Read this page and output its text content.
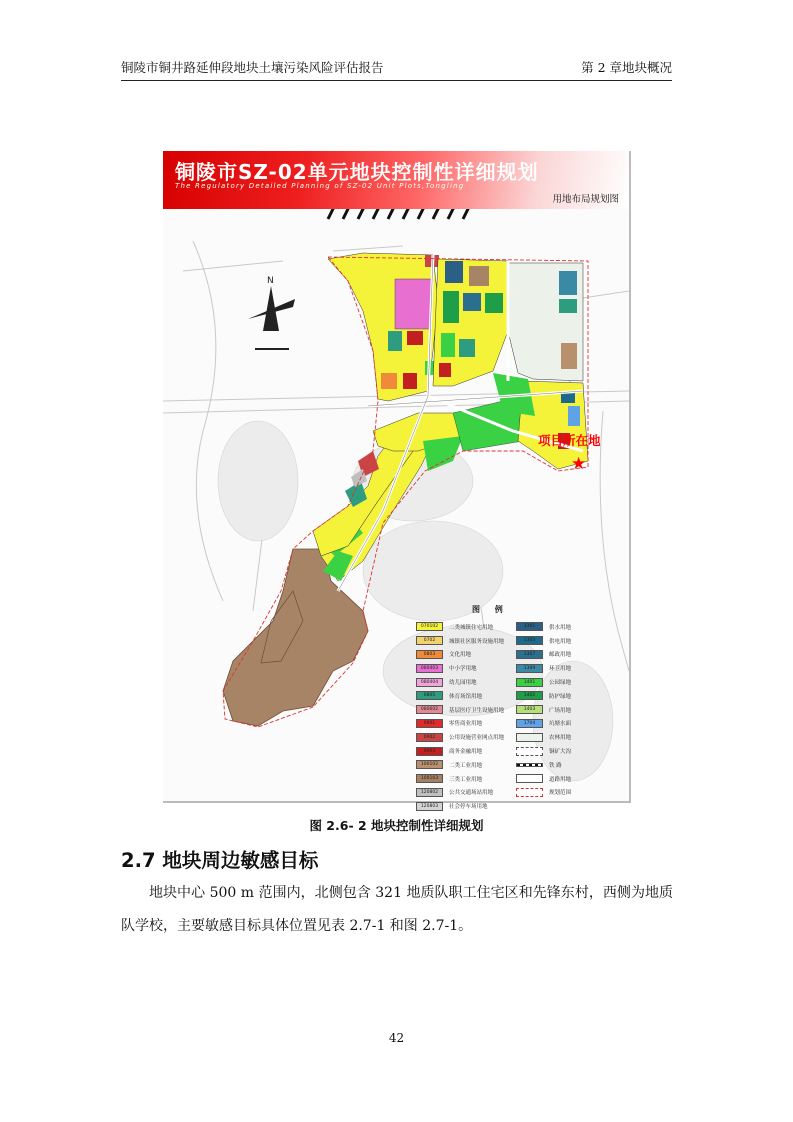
铜陵市铜井路延伸段地块土壤污染风险评估报告	第 2 章地块概况
铜陵市SZ-02单元地块控制性详细规划
The Regulatory Detailed Planning of SZ-02 Unit Plots,Tongling
用地布局规划图
N
项目所在地
★
图 例
070102	二类城镇住宅用地
0702	城镇社区服务设施用地
0803	文化用地
080403	中小学用地
080404	幼儿园用地
0805	体育场馆用地
080602	基层医疗卫生设施用地
0901	零售商业用地
0902	公用设施营业网点用地
0903	商务金融用地
100102	二类工业用地
100103	三类工业用地
120802	公共交通场站用地
120803	社会停车场用地
1301	供水用地
1303	供电用地
1307	邮政用地
1309	环卫用地
1401	公园绿地
1402	防护绿地
1403	广场用地
1704	坑塘水面
农林用地
铜矿大沟
铁 路
道路用地
规划范围
图 2.6- 2 地块控制性详细规划
2.7 地块周边敏感目标
地块中心 500 m 范围内，北侧包含 321 地质队职工住宅区和先锋东村，西侧为地质队学校，主要敏感目标具体位置见表 2.7-1 和图 2.7-1。
42
